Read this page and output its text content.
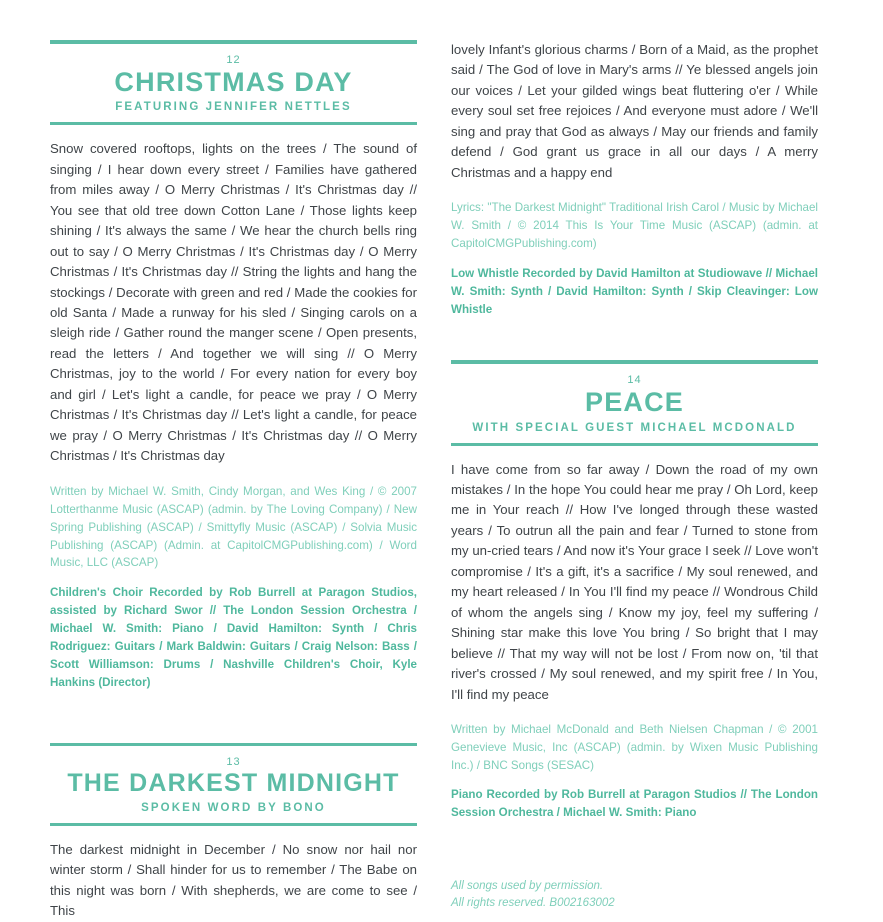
12
CHRISTMAS DAY
FEATURING JENNIFER NETTLES

Snow covered rooftops, lights on the trees / The sound of singing / I hear down every street / Families have gathered from miles away / O Merry Christmas / It's Christmas day // You see that old tree down Cotton Lane / Those lights keep shining / It's always the same / We hear the church bells ring out to say / O Merry Christmas / It's Christmas day / O Merry Christmas / It's Christmas day // String the lights and hang the stockings / Decorate with green and red / Made the cookies for old Santa / Made a runway for his sled / Singing carols on a sleigh ride / Gather round the manger scene / Open presents, read the letters / And together we will sing // O Merry Christmas, joy to the world / For every nation for every boy and girl / Let's light a candle, for peace we pray / O Merry Christmas / It's Christmas day // Let's light a candle, for peace we pray / O Merry Christmas / It's Christmas day // O Merry Christmas / It's Christmas day

Written by Michael W. Smith, Cindy Morgan, and Wes King / © 2007 Lotterthanme Music (ASCAP) (admin. by The Loving Company) / New Spring Publishing (ASCAP) / Smittyfly Music (ASCAP) / Solvia Music Publishing (ASCAP) (Admin. at CapitolCMGPublishing.com) / Word Music, LLC (ASCAP)

Children's Choir Recorded by Rob Burrell at Paragon Studios, assisted by Richard Swor // The London Session Orchestra / Michael W. Smith: Piano / David Hamilton: Synth / Chris Rodriguez: Guitars / Mark Baldwin: Guitars / Craig Nelson: Bass / Scott Williamson: Drums / Nashville Children's Choir, Kyle Hankins (Director)

13
THE DARKEST MIDNIGHT
SPOKEN WORD BY BONO

The darkest midnight in December / No snow nor hail nor winter storm / Shall hinder for us to remember / The Babe on this night was born / With shepherds, we are come to see / This

lovely Infant's glorious charms / Born of a Maid, as the prophet said / The God of love in Mary's arms // Ye blessed angels join our voices / Let your gilded wings beat fluttering o'er / While every soul set free rejoices / And everyone must adore / We'll sing and pray that God as always / May our friends and family defend / God grant us grace in all our days / A merry Christmas and a happy end

Lyrics: "The Darkest Midnight" Traditional Irish Carol / Music by Michael W. Smith / © 2014 This Is Your Time Music (ASCAP) (admin. at CapitolCMGPublishing.com)

Low Whistle Recorded by David Hamilton at Studiowave // Michael W. Smith: Synth / David Hamilton: Synth / Skip Cleavinger: Low Whistle

14
PEACE
WITH SPECIAL GUEST MICHAEL MCDONALD

I have come from so far away / Down the road of my own mistakes / In the hope You could hear me pray / Oh Lord, keep me in Your reach // How I've longed through these wasted years / To outrun all the pain and fear / Turned to stone from my un-cried tears / And now it's Your grace I seek // Love won't compromise / It's a gift, it's a sacrifice / My soul renewed, and my heart released / In You I'll find my peace // Wondrous Child of whom the angels sing / Know my joy, feel my suffering / Shining star make this love You bring / So bright that I may believe // That my way will not be lost / From now on, 'til that river's crossed / My soul renewed, and my spirit free / In You, I'll find my peace

Written by Michael McDonald and Beth Nielsen Chapman / © 2001 Genevieve Music, Inc (ASCAP) (admin. by Wixen Music Publishing Inc.) / BNC Songs (SESAC)

Piano Recorded by Rob Burrell at Paragon Studios // The London Session Orchestra / Michael W. Smith: Piano

All songs used by permission.
All rights reserved. B002163002
